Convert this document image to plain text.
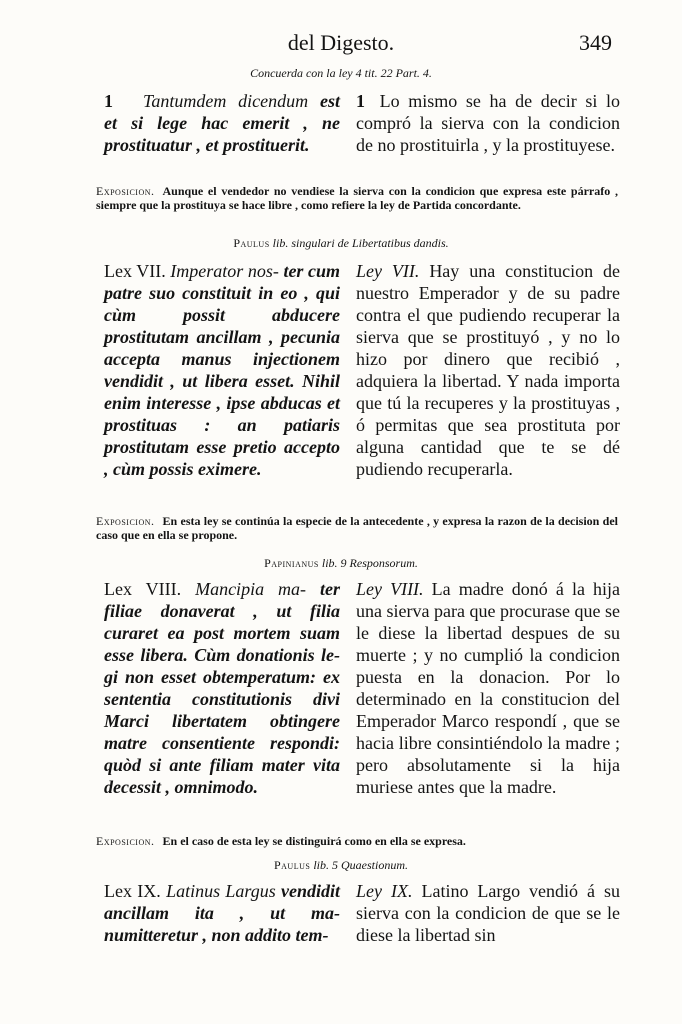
del Digesto.	349
Concuerda con la ley 4 tit. 22 Part. 4.
1 Tantumdem dicendum est et si lege hac emerit , ne prostituatur , et prostituerit.
1 Lo mismo se ha de decir si lo compró la sierva con la condicion de no prostituirla , y la prostituyese.
Exposicion. Aunque el vendedor no vendiese la sierva con la condicion que expresa este párrafo , siempre que la prostituya se hace libre , como refiere la ley de Partida concordante.
Paulus lib. singulari de Libertatibus dandis.
Lex VII. Imperator nos- ter cum patre suo constituit in eo , qui cùm possit abducere prostitutam ancillam , pecunia accepta manus injectionem vendidit , ut libera esset. Nihil enim interesse , ipse abducas et prostituas : an patiaris prostitutam esse pretio accepto , cùm possis eximere.
Ley VII. Hay una constitucion de nuestro Emperador y de su padre contra el que pudiendo recuperar la sierva que se prostituyó , y no lo hizo por dinero que recibió , adquiera la libertad. Y nada importa que tú la recuperes y la prostituyas , ó permitas que sea prostituta por alguna cantidad que te se dé pudiendo recuperarla.
Exposicion. En esta ley se continúa la especie de la antecedente , y expresa la razon de la decision del caso que en ella se propone.
Papinianus lib. 9 Responsorum.
Lex VIII. Mancipia ma- ter filiae donaverat , ut filia curaret ea post mortem suam esse libera. Cùm donationis legi non esset obtemperatum: ex sententia constitutionis divi Marci libertatem obtingere matre consentiente respondi: quòd si ante filiam mater vita decessit , omnimodo.
Ley VIII. La madre donó á la hija una sierva para que procurase que se le diese la libertad despues de su muerte ; y no cumplió la condicion puesta en la donacion. Por lo determinado en la constitucion del Emperador Marco respondí , que se hacia libre consintiéndolo la madre ; pero absolutamente si la hija muriese antes que la madre.
Exposicion. En el caso de esta ley se distinguirá como en ella se expresa.
Paulus lib. 5 Quaestionum.
Lex IX. Latinus Largus vendidit ancillam ita , ut manumitteretur , non addito tem-
Ley IX. Latino Largo vendió á su sierva con la condicion de que se le diese la libertad sin
